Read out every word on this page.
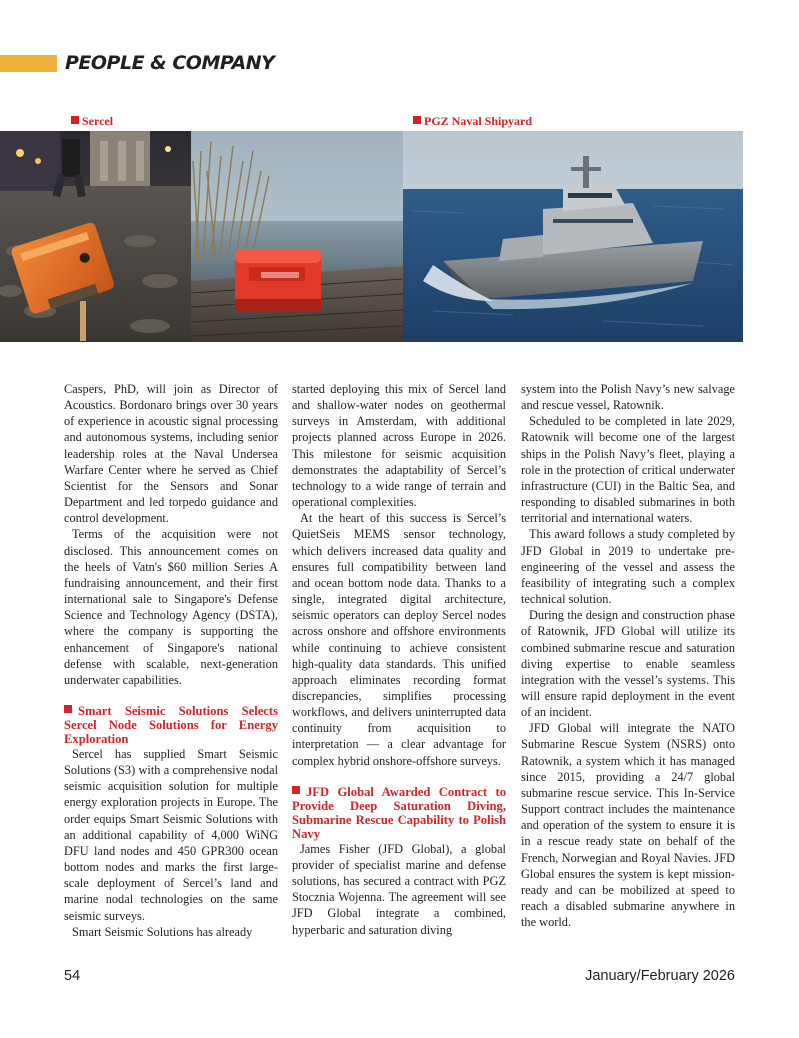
PEOPLE & COMPANY
Sercel	PGZ Naval Shipyard

Caspers, PhD, will join as Director of Acoustics. Bordonaro brings over 30 years of experience in acoustic signal processing and autonomous systems, including senior leadership roles at the Naval Undersea Warfare Center where he served as Chief Scientist for the Sensors and Sonar Department and led torpedo guidance and control development.

Terms of the acquisition were not disclosed. This announcement comes on the heels of Vatn's $60 million Series A fundraising announcement, and their first international sale to Singapore's Defense Science and Technology Agency (DSTA), where the company is supporting the enhancement of Singapore's national defense with scalable, next-generation underwater capabilities.

Smart Seismic Solutions Selects Sercel Node Solutions for Energy Exploration

Sercel has supplied Smart Seismic Solutions (S3) with a comprehensive nodal seismic acquisition solution for multiple energy exploration projects in Europe. The order equips Smart Seismic Solutions with an additional capability of 4,000 WiNG DFU land nodes and 450 GPR300 ocean bottom nodes and marks the first large-scale deployment of Sercel’s land and marine nodal technologies on the same seismic surveys.

Smart Seismic Solutions has already

started deploying this mix of Sercel land and shallow-water nodes on geothermal surveys in Amsterdam, with additional projects planned across Europe in 2026. This milestone for seismic acquisition demonstrates the adaptability of Sercel’s technology to a wide range of terrain and operational complexities.

At the heart of this success is Sercel’s QuietSeis MEMS sensor technology, which delivers increased data quality and ensures full compatibility between land and ocean bottom node data. Thanks to a single, integrated digital architecture, seismic operators can deploy Sercel nodes across onshore and offshore environments while continuing to achieve consistent high-quality data standards. This unified approach eliminates recording format discrepancies, simplifies processing workflows, and delivers uninterrupted data continuity from acquisition to interpretation — a clear advantage for complex hybrid onshore-offshore surveys.

JFD Global Awarded Contract to Provide Deep Saturation Diving, Submarine Rescue Capability to Polish Navy

James Fisher (JFD Global), a global provider of specialist marine and defense solutions, has secured a contract with PGZ Stocznia Wojenna. The agreement will see JFD Global integrate a combined, hyperbaric and saturation diving

system into the Polish Navy’s new salvage and rescue vessel, Ratownik.

Scheduled to be completed in late 2029, Ratownik will become one of the largest ships in the Polish Navy’s fleet, playing a role in the protection of critical underwater infrastructure (CUI) in the Baltic Sea, and responding to disabled submarines in both territorial and international waters.

This award follows a study completed by JFD Global in 2019 to undertake pre-engineering of the vessel and assess the feasibility of integrating such a complex technical solution.

During the design and construction phase of Ratownik, JFD Global will utilize its combined submarine rescue and saturation diving expertise to enable seamless integration with the vessel’s systems. This will ensure rapid deployment in the event of an incident.

JFD Global will integrate the NATO Submarine Rescue System (NSRS) onto Ratownik, a system which it has managed since 2015, providing a 24/7 global submarine rescue service. This In-Service Support contract includes the maintenance and operation of the system to ensure it is in a rescue ready state on behalf of the French, Norwegian and Royal Navies. JFD Global ensures the system is kept mission-ready and can be mobilized at speed to reach a disabled submarine anywhere in the world.

54	January/February 2026
